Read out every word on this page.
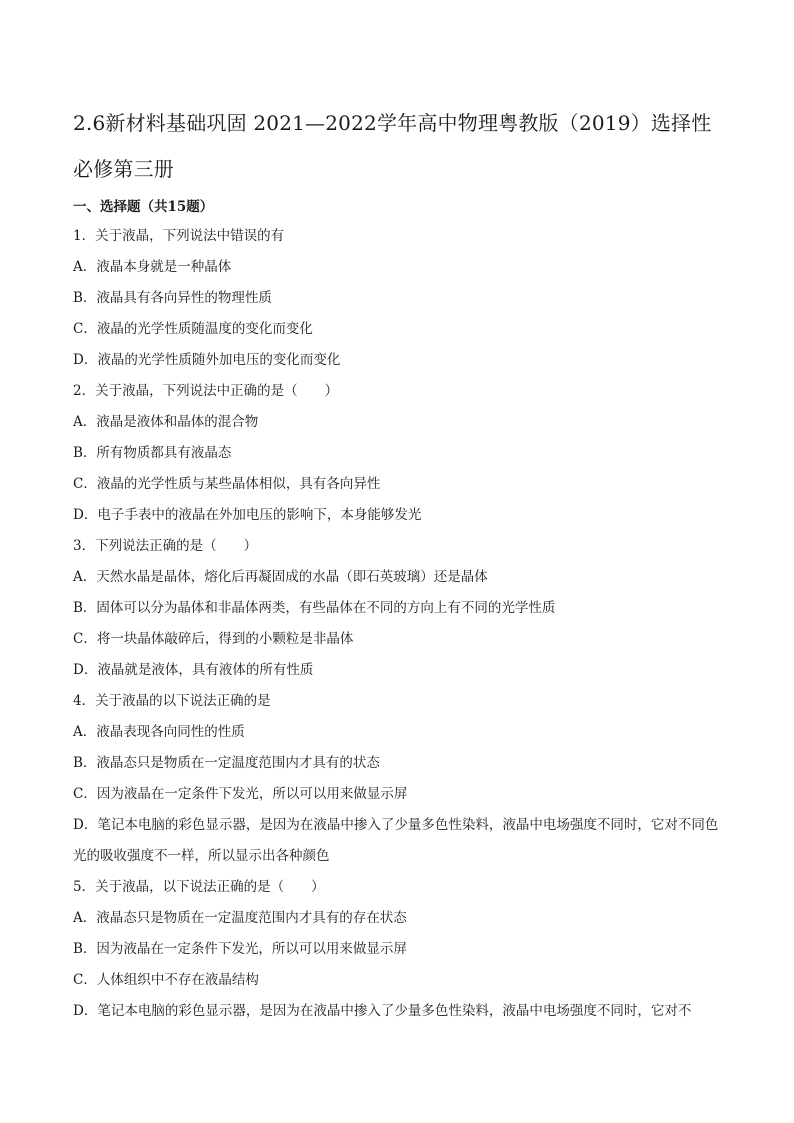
2.6新材料基础巩固 2021—2022学年高中物理粤教版（2019）选择性必修第三册
一、选择题（共15题）
1．关于液晶，下列说法中错误的有
A．液晶本身就是一种晶体
B．液晶具有各向异性的物理性质
C．液晶的光学性质随温度的变化而变化
D．液晶的光学性质随外加电压的变化而变化
2．关于液晶，下列说法中正确的是（　　）
A．液晶是液体和晶体的混合物
B．所有物质都具有液晶态
C．液晶的光学性质与某些晶体相似，具有各向异性
D．电子手表中的液晶在外加电压的影响下，本身能够发光
3．下列说法正确的是（　　）
A．天然水晶是晶体，熔化后再凝固成的水晶（即石英玻璃）还是晶体
B．固体可以分为晶体和非晶体两类，有些晶体在不同的方向上有不同的光学性质
C．将一块晶体敲碎后，得到的小颗粒是非晶体
D．液晶就是液体，具有液体的所有性质
4．关于液晶的以下说法正确的是
A．液晶表现各向同性的性质
B．液晶态只是物质在一定温度范围内才具有的状态
C．因为液晶在一定条件下发光，所以可以用来做显示屏
D．笔记本电脑的彩色显示器，是因为在液晶中掺入了少量多色性染料，液晶中电场强度不同时，它对不同色光的吸收强度不一样，所以显示出各种颜色
5．关于液晶，以下说法正确的是（　　）
A．液晶态只是物质在一定温度范围内才具有的存在状态
B．因为液晶在一定条件下发光，所以可以用来做显示屏
C．人体组织中不存在液晶结构
D．笔记本电脑的彩色显示器，是因为在液晶中掺入了少量多色性染料，液晶中电场强度不同时，它对不
